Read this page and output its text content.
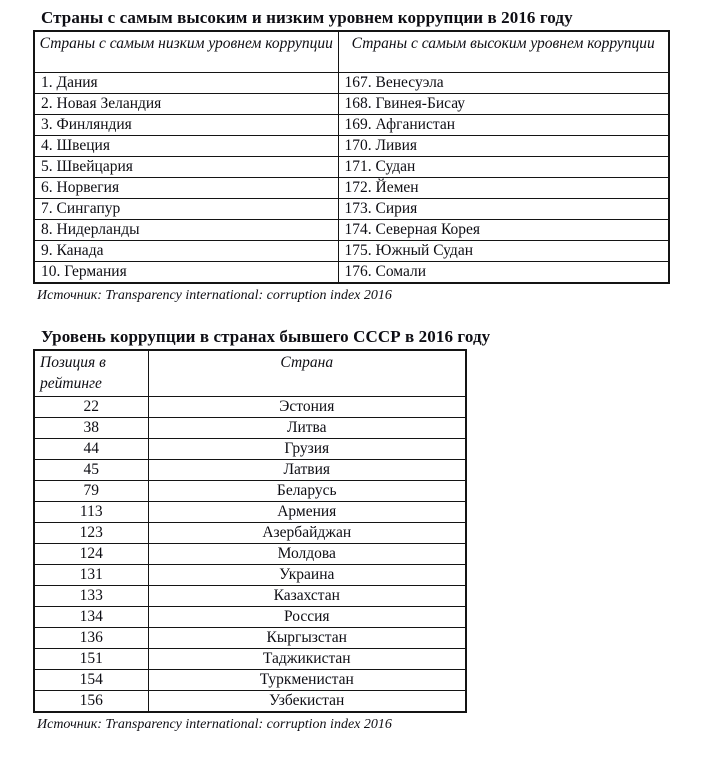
Страны с самым высоким и низким уровнем коррупции в 2016 году
Страны с самым низким уровнем коррупции	Страны с самым высоким уровнем коррупции
1. Дания	167. Венесуэла
2. Новая Зеландия	168. Гвинея-Бисау
3. Финляндия	169. Афганистан
4. Швеция	170. Ливия
5. Швейцария	171. Судан
6. Норвегия	172. Йемен
7. Сингапур	173. Сирия
8. Нидерланды	174. Северная Корея
9. Канада	175. Южный Судан
10. Германия	176. Сомали

Источник: Transparency international: corruption index 2016

Уровень коррупции в странах бывшего СССР в 2016 году
Позиция в рейтинге	Страна
22	Эстония
38	Литва
44	Грузия
45	Латвия
79	Беларусь
113	Армения
123	Азербайджан
124	Молдова
131	Украина
133	Казахстан
134	Россия
136	Кыргызстан
151	Таджикистан
154	Туркменистан
156	Узбекистан

Источник: Transparency international: corruption index 2016
